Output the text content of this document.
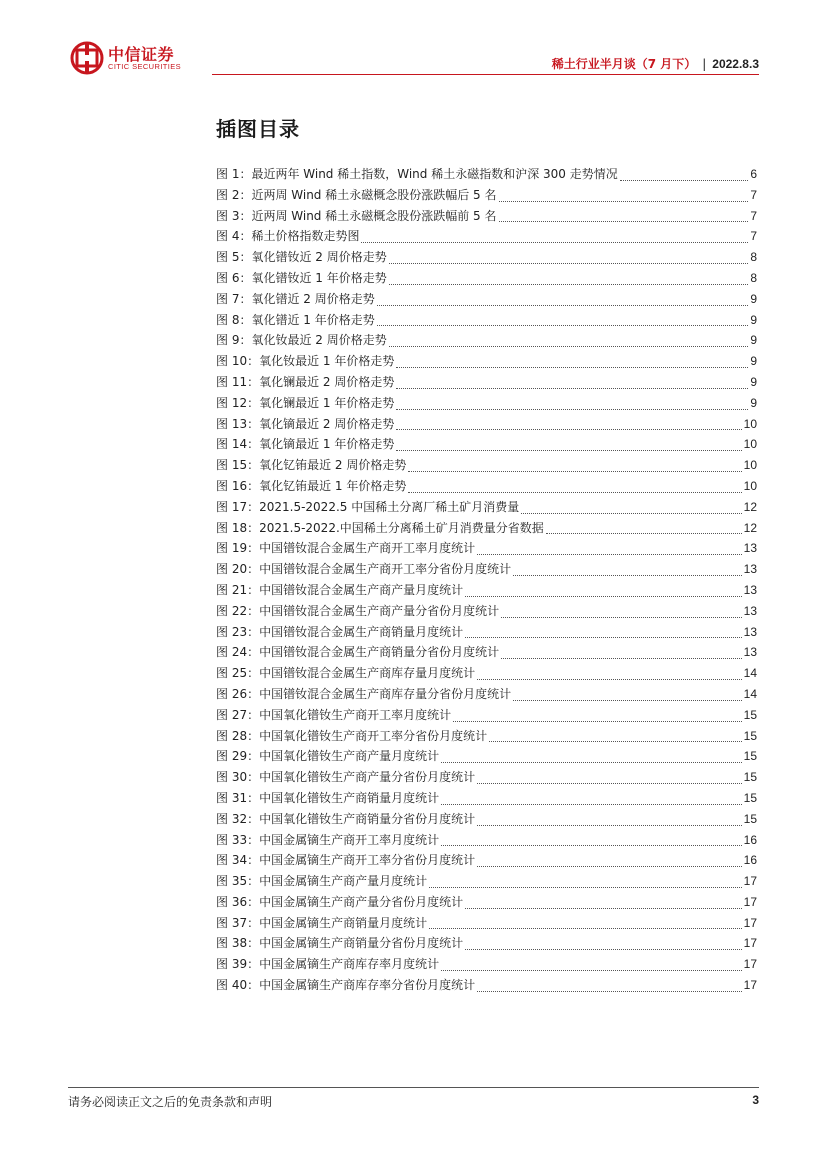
中信证券
CITIC SECURITIES	稀土行业半月谈（7 月下） | 2022.8.3
插图目录
图 1： 最近两年 Wind 稀土指数，Wind 稀土永磁指数和沪深 300 走势情况	6
图 2： 近两周 Wind 稀土永磁概念股份涨跌幅后 5 名	7
图 3： 近两周 Wind 稀土永磁概念股份涨跌幅前 5 名	7
图 4： 稀土价格指数走势图	7
图 5： 氧化镨钕近 2 周价格走势	8
图 6： 氧化镨钕近 1 年价格走势	8
图 7： 氧化镨近 2 周价格走势	9
图 8： 氧化镨近 1 年价格走势	9
图 9： 氧化钕最近 2 周价格走势	9
图 10： 氧化钕最近 1 年价格走势	9
图 11： 氧化镧最近 2 周价格走势	9
图 12： 氧化镧最近 1 年价格走势	9
图 13： 氧化镝最近 2 周价格走势	10
图 14： 氧化镝最近 1 年价格走势	10
图 15： 氧化钇铕最近 2 周价格走势	10
图 16： 氧化钇铕最近 1 年价格走势	10
图 17： 2021.5-2022.5 中国稀土分离厂稀土矿月消费量	12
图 18： 2021.5-2022.中国稀土分离稀土矿月消费量分省数据	12
图 19： 中国镨钕混合金属生产商开工率月度统计	13
图 20： 中国镨钕混合金属生产商开工率分省份月度统计	13
图 21： 中国镨钕混合金属生产商产量月度统计	13
图 22： 中国镨钕混合金属生产商产量分省份月度统计	13
图 23： 中国镨钕混合金属生产商销量月度统计	13
图 24： 中国镨钕混合金属生产商销量分省份月度统计	13
图 25： 中国镨钕混合金属生产商库存量月度统计	14
图 26： 中国镨钕混合金属生产商库存量分省份月度统计	14
图 27： 中国氧化镨钕生产商开工率月度统计	15
图 28： 中国氧化镨钕生产商开工率分省份月度统计	15
图 29： 中国氧化镨钕生产商产量月度统计	15
图 30： 中国氧化镨钕生产商产量分省份月度统计	15
图 31： 中国氧化镨钕生产商销量月度统计	15
图 32： 中国氧化镨钕生产商销量分省份月度统计	15
图 33： 中国金属镝生产商开工率月度统计	16
图 34： 中国金属镝生产商开工率分省份月度统计	16
图 35： 中国金属镝生产商产量月度统计	17
图 36： 中国金属镝生产商产量分省份月度统计	17
图 37： 中国金属镝生产商销量月度统计	17
图 38： 中国金属镝生产商销量分省份月度统计	17
图 39： 中国金属镝生产商库存率月度统计	17
图 40： 中国金属镝生产商库存率分省份月度统计	17
请务必阅读正文之后的免责条款和声明	3
